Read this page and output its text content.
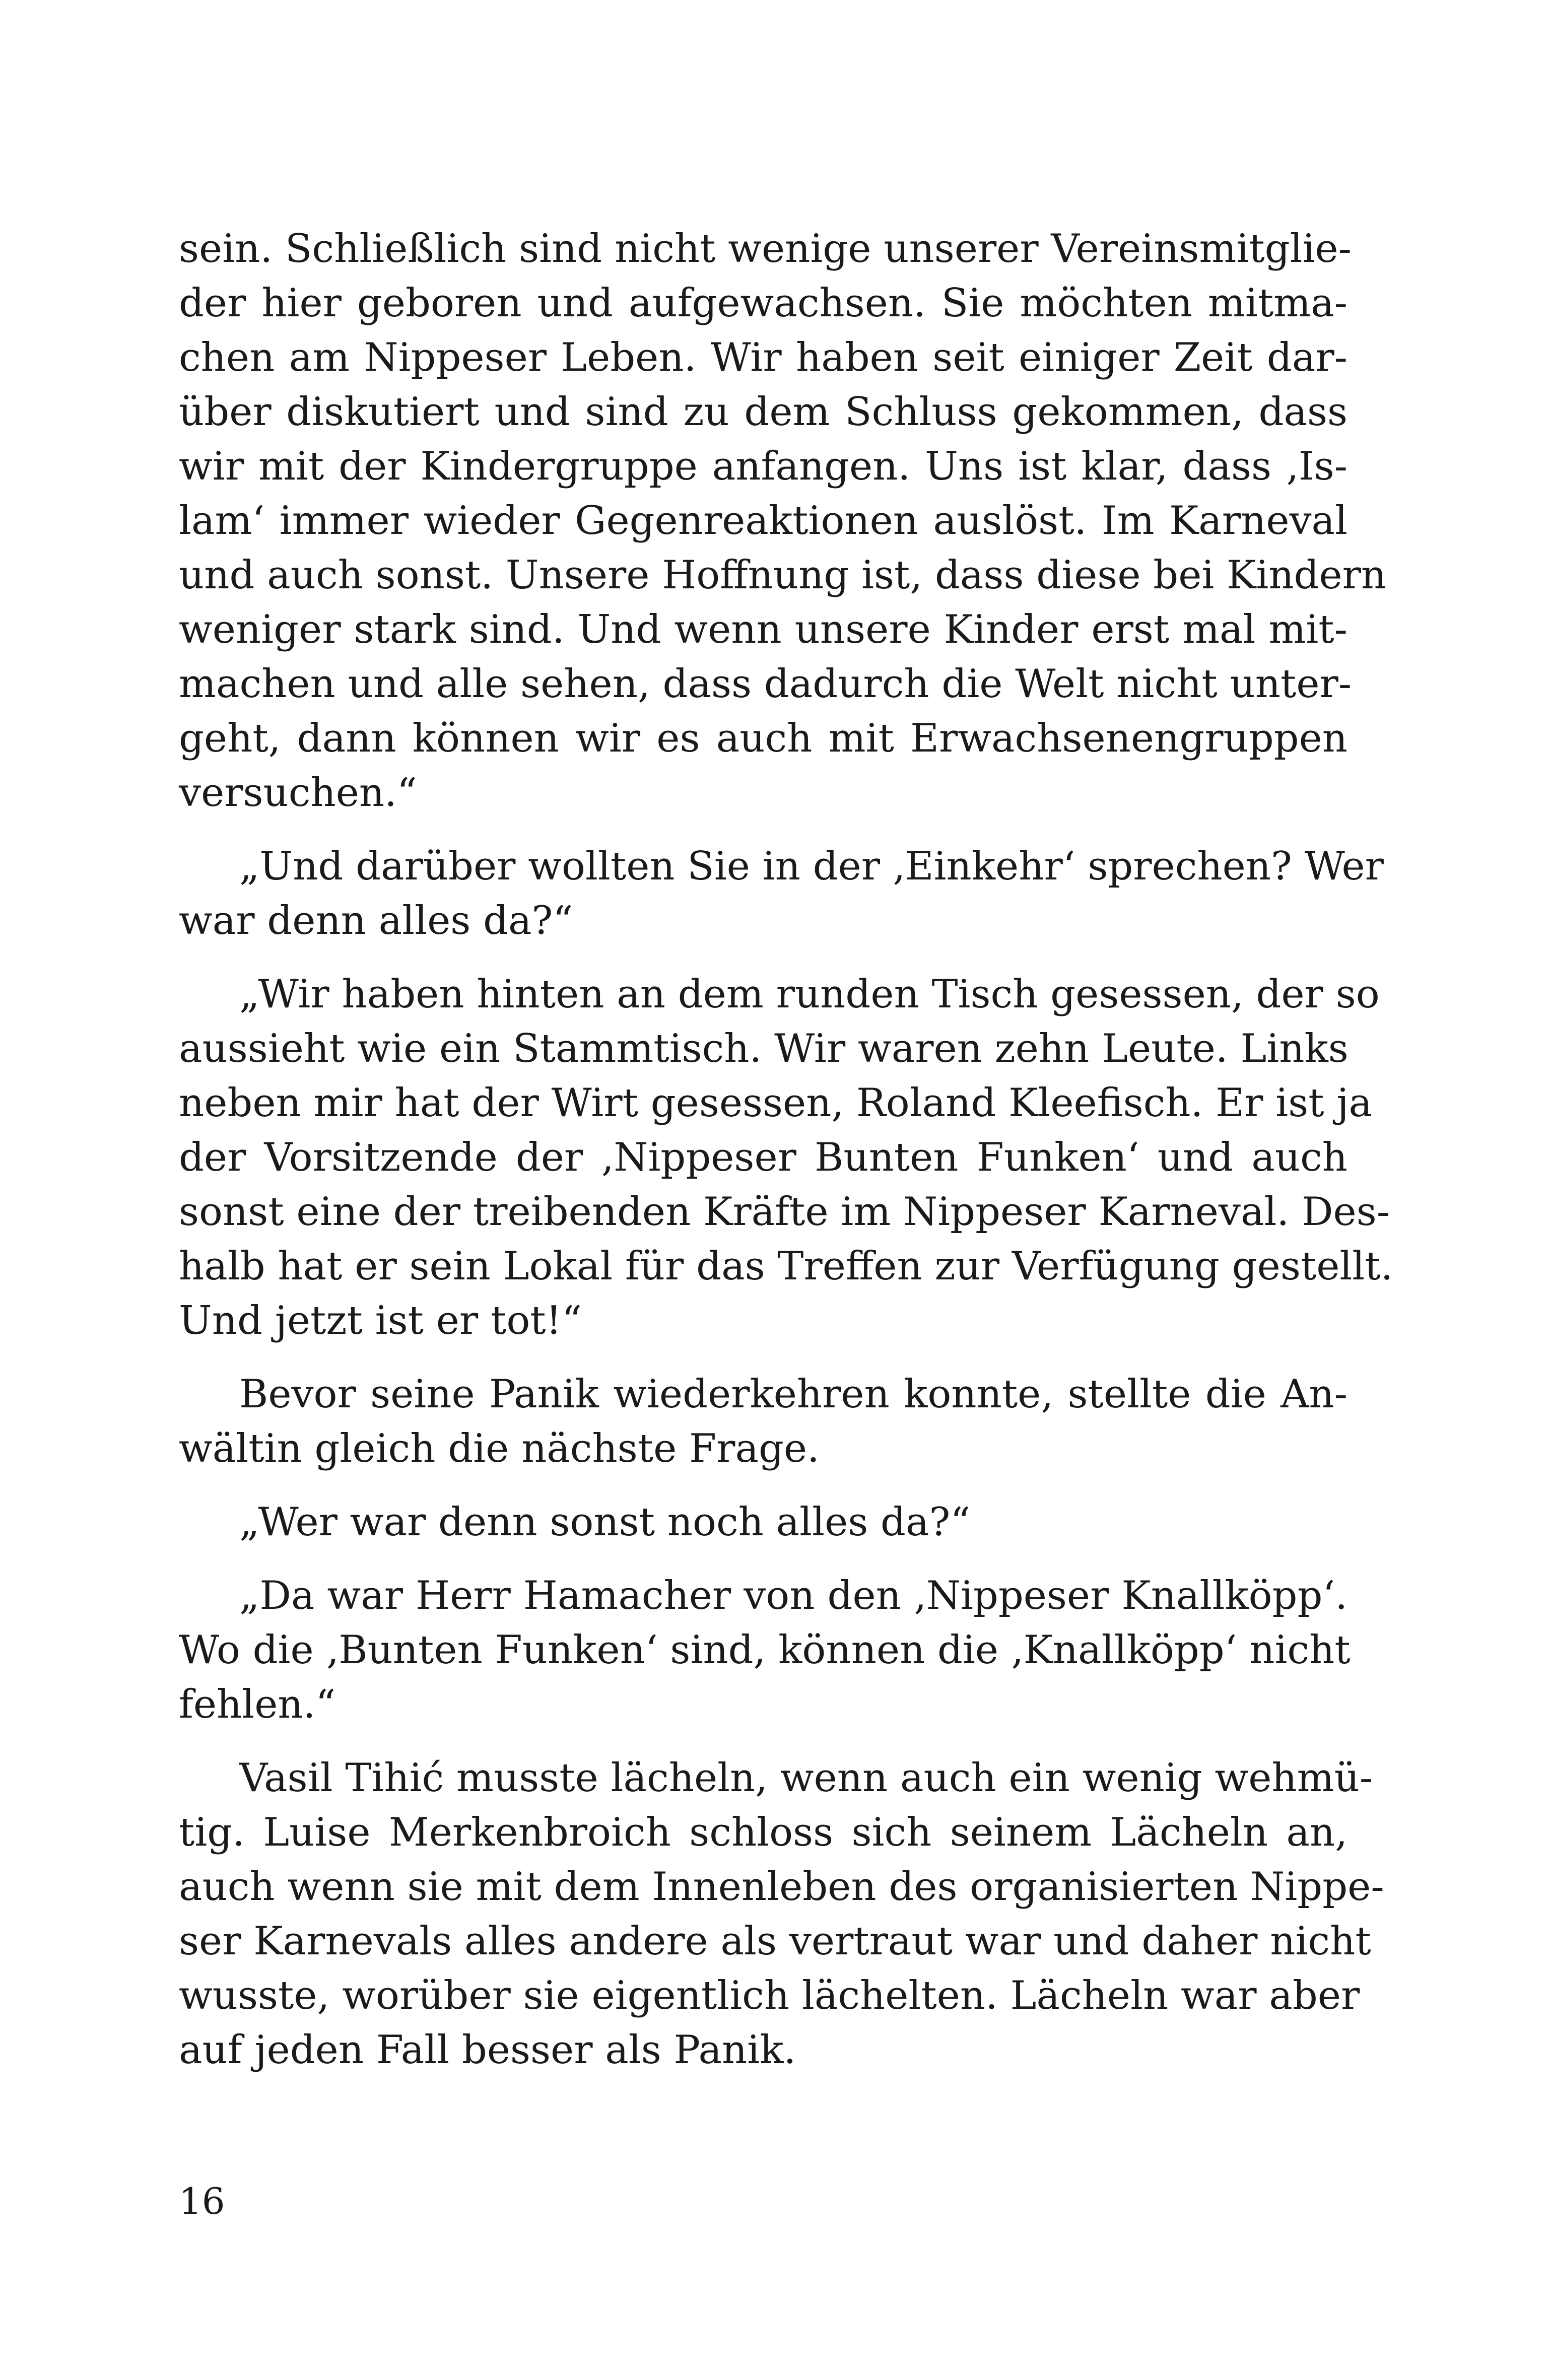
sein. Schließlich sind nicht wenige unserer Vereinsmitglie-
der hier geboren und aufgewachsen. Sie möchten mitma-
chen am Nippeser Leben. Wir haben seit einiger Zeit dar-
über diskutiert und sind zu dem Schluss gekommen, dass
wir mit der Kindergruppe anfangen. Uns ist klar, dass ‚Is-
lam‘ immer wieder Gegenreaktionen auslöst. Im Karneval
und auch sonst. Unsere Hoffnung ist, dass diese bei Kindern
weniger stark sind. Und wenn unsere Kinder erst mal mit-
machen und alle sehen, dass dadurch die Welt nicht unter-
geht, dann können wir es auch mit Erwachsenengruppen
versuchen.“
„Und darüber wollten Sie in der ‚Einkehr‘ sprechen? Wer
war denn alles da?“
„Wir haben hinten an dem runden Tisch gesessen, der so
aussieht wie ein Stammtisch. Wir waren zehn Leute. Links
neben mir hat der Wirt gesessen, Roland Kleefisch. Er ist ja
der Vorsitzende der ‚Nippeser Bunten Funken‘ und auch
sonst eine der treibenden Kräfte im Nippeser Karneval. Des-
halb hat er sein Lokal für das Treffen zur Verfügung gestellt.
Und jetzt ist er tot!“
Bevor seine Panik wiederkehren konnte, stellte die An-
wältin gleich die nächste Frage.
„Wer war denn sonst noch alles da?“
„Da war Herr Hamacher von den ‚Nippeser Knallköpp‘.
Wo die ‚Bunten Funken‘ sind, können die ‚Knallköpp‘ nicht
fehlen.“
Vasil Tihić musste lächeln, wenn auch ein wenig wehmü-
tig. Luise Merkenbroich schloss sich seinem Lächeln an,
auch wenn sie mit dem Innenleben des organisierten Nippe-
ser Karnevals alles andere als vertraut war und daher nicht
wusste, worüber sie eigentlich lächelten. Lächeln war aber
auf jeden Fall besser als Panik.
16
